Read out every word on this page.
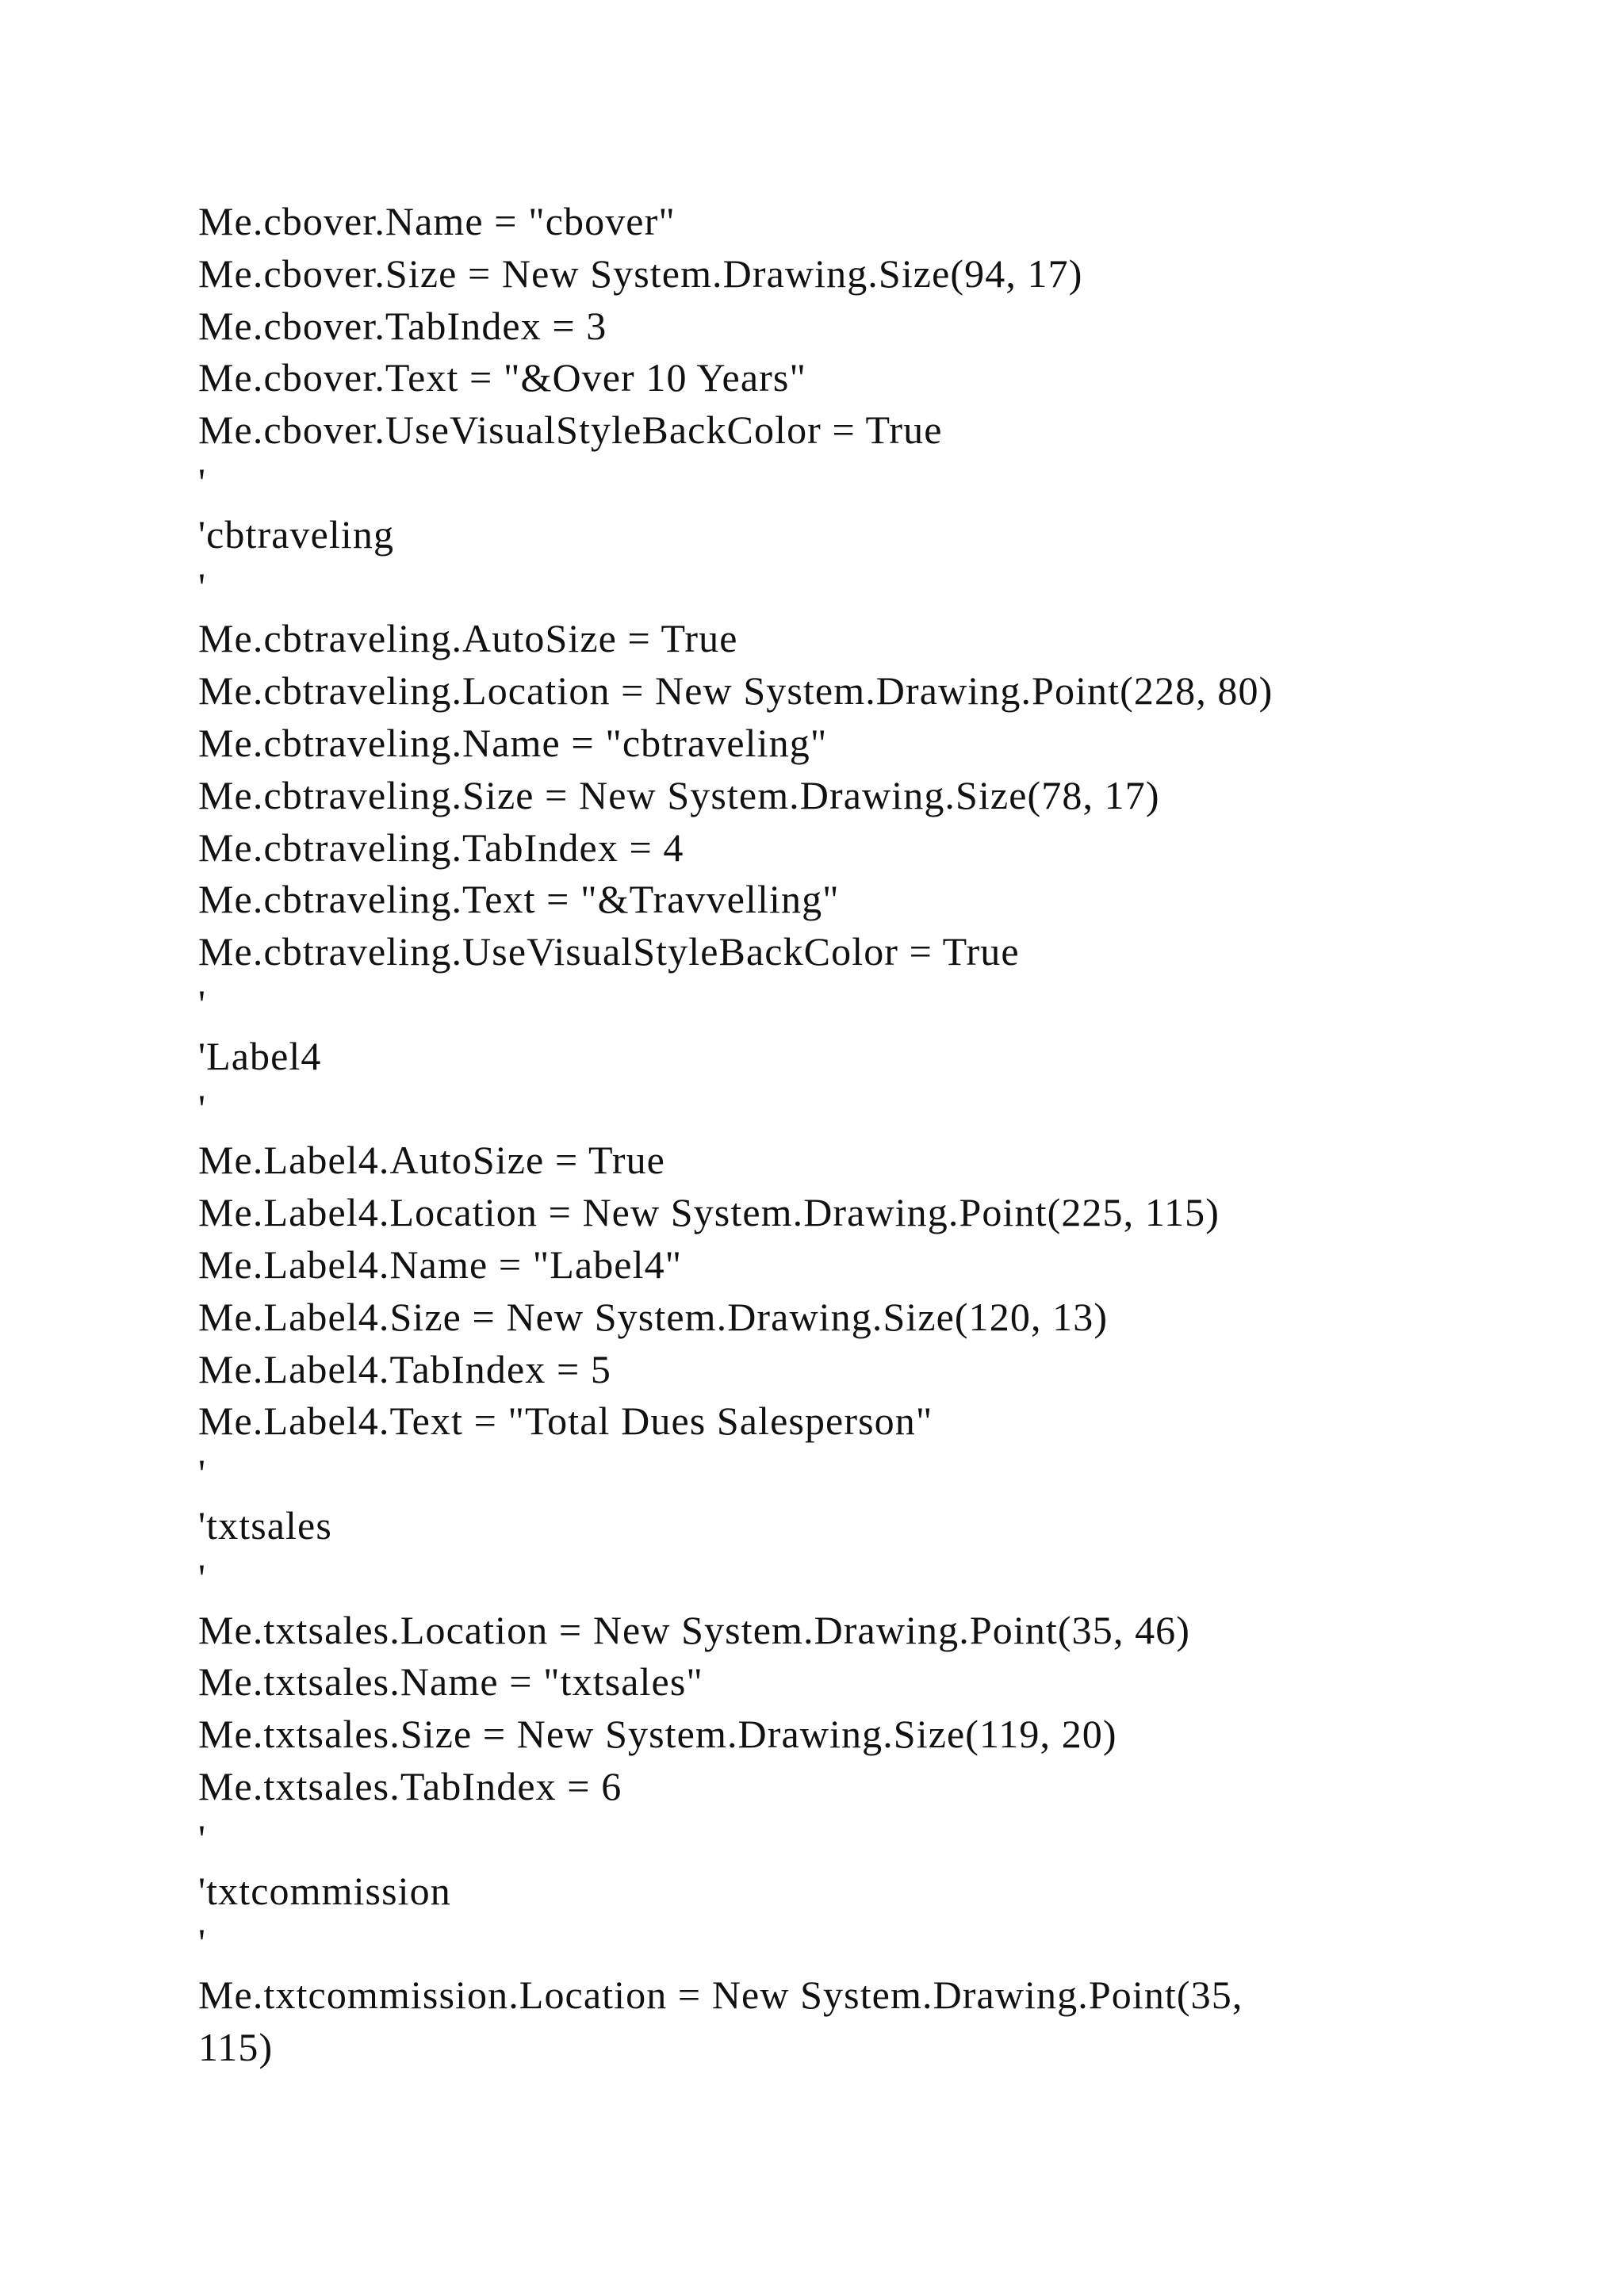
Me.cbover.Name = "cbover"
Me.cbover.Size = New System.Drawing.Size(94, 17)
Me.cbover.TabIndex = 3
Me.cbover.Text = "&Over 10 Years"
Me.cbover.UseVisualStyleBackColor = True
'
'cbtraveling
'
Me.cbtraveling.AutoSize = True
Me.cbtraveling.Location = New System.Drawing.Point(228, 80)
Me.cbtraveling.Name = "cbtraveling"
Me.cbtraveling.Size = New System.Drawing.Size(78, 17)
Me.cbtraveling.TabIndex = 4
Me.cbtraveling.Text = "&Travvelling"
Me.cbtraveling.UseVisualStyleBackColor = True
'
'Label4
'
Me.Label4.AutoSize = True
Me.Label4.Location = New System.Drawing.Point(225, 115)
Me.Label4.Name = "Label4"
Me.Label4.Size = New System.Drawing.Size(120, 13)
Me.Label4.TabIndex = 5
Me.Label4.Text = "Total Dues Salesperson"
'
'txtsales
'
Me.txtsales.Location = New System.Drawing.Point(35, 46)
Me.txtsales.Name = "txtsales"
Me.txtsales.Size = New System.Drawing.Size(119, 20)
Me.txtsales.TabIndex = 6
'
'txtcommission
'
Me.txtcommission.Location = New System.Drawing.Point(35,
115)
